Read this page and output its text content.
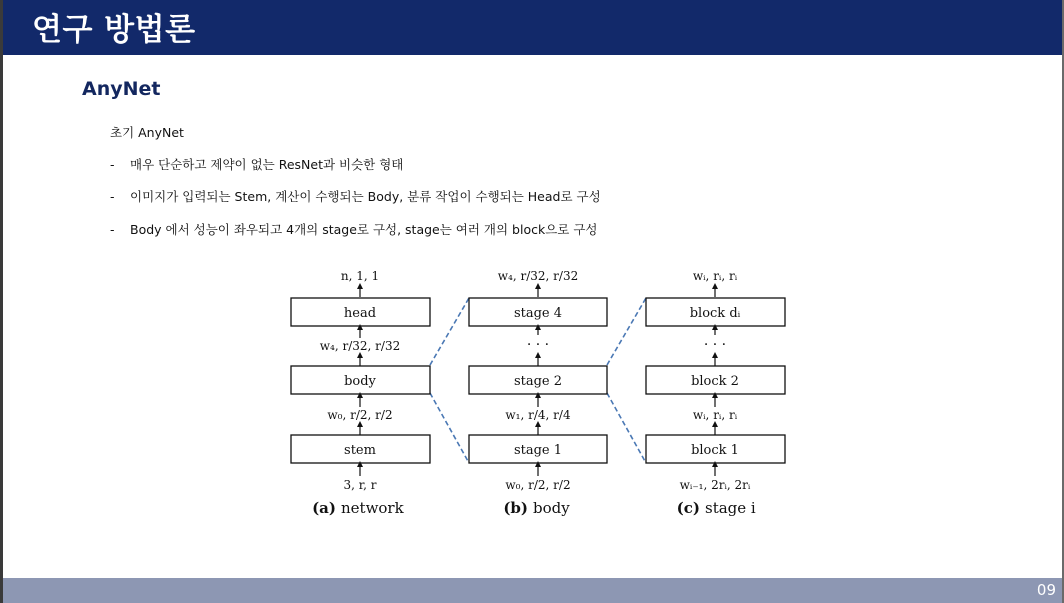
연구 방법론
AnyNet
초기 AnyNet
- 매우 단순하고 제약이 없는 ResNet과 비슷한 형태
- 이미지가 입력되는 Stem, 계산이 수행되는 Body, 분류 작업이 수행되는 Head로 구성
- Body 에서 성능이 좌우되고 4개의 stage로 구성, stage는 여러 개의 block으로 구성
n, 1, 1
head
w₄, r/32, r/32
body
w₀, r/2, r/2
stem
3, r, r
(a) network
w₄, r/32, r/32
stage 4
· · ·
stage 2
w₁, r/4, r/4
stage 1
w₀, r/2, r/2
(b) body
wᵢ, rᵢ, rᵢ
block dᵢ
· · ·
block 2
wᵢ, rᵢ, rᵢ
block 1
wᵢ₋₁, 2rᵢ, 2rᵢ
(c) stage i
09
